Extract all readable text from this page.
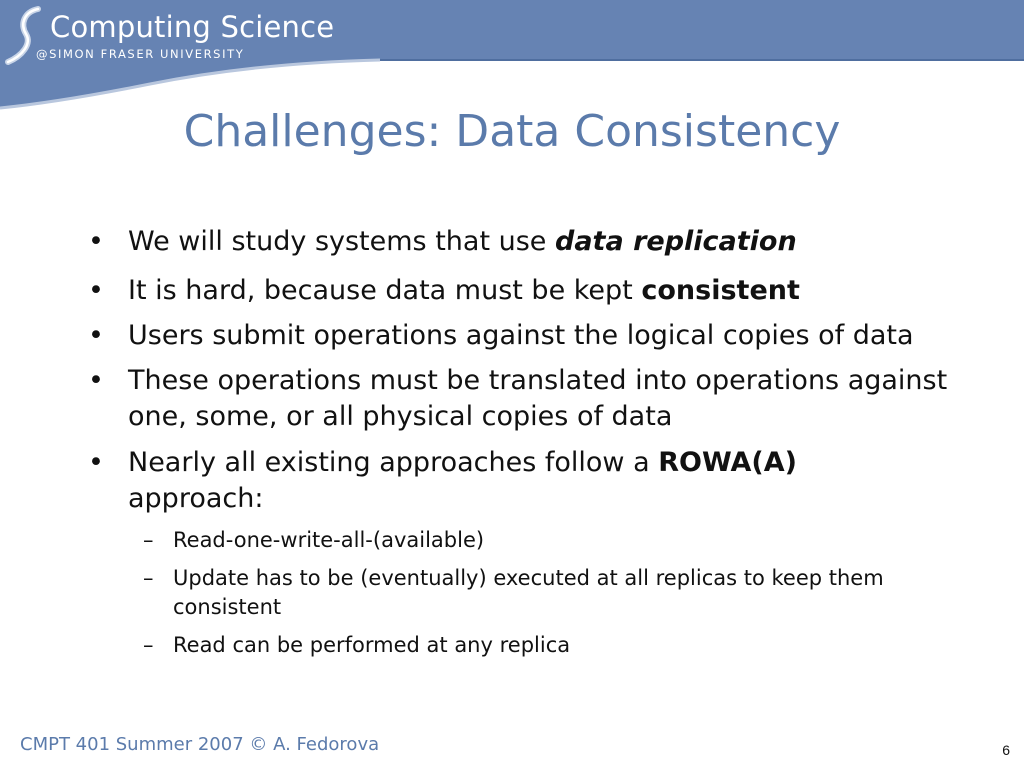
Computing Science
@SIMON FRASER UNIVERSITY
Challenges: Data Consistency
• We will study systems that use data replication
• It is hard, because data must be kept consistent
• Users submit operations against the logical copies of data
• These operations must be translated into operations against one, some, or all physical copies of data
• Nearly all existing approaches follow a ROWA(A)
approach:
– Read-one-write-all-(available)
– Update has to be (eventually) executed at all replicas to keep them consistent
– Read can be performed at any replica
CMPT 401 Summer 2007 © A. Fedorova	6
